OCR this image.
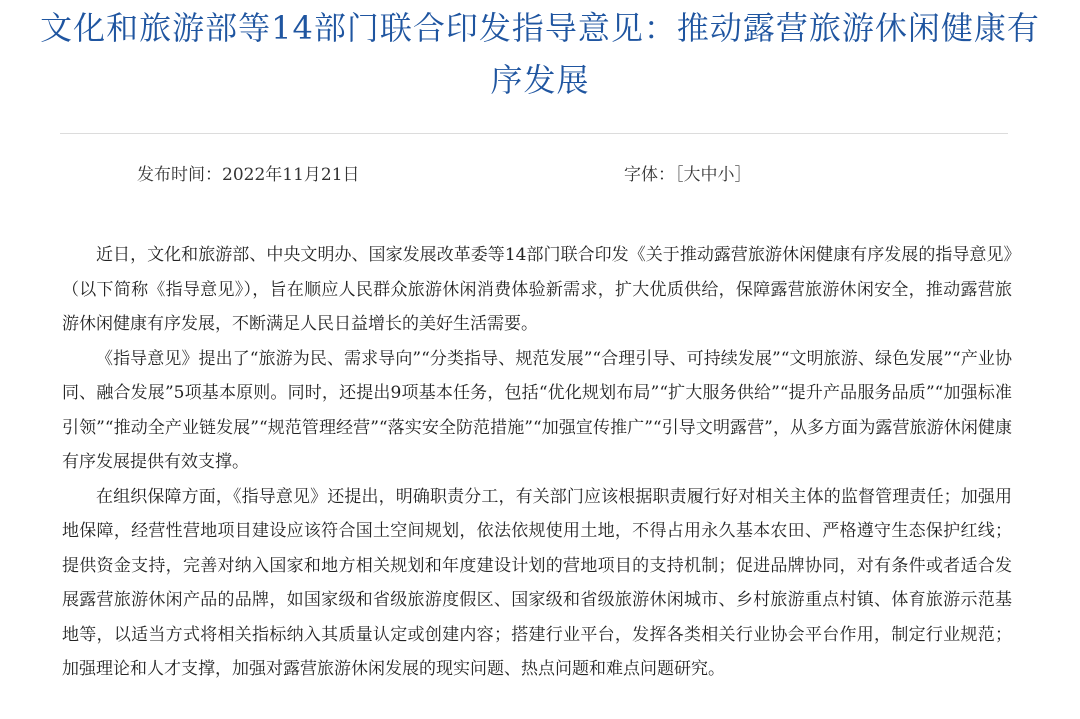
文化和旅游部等14部门联合印发指导意见：推动露营旅游休闲健康有序发展
发布时间：2022年11月21日	字体：［大中小］

近日，文化和旅游部、中央文明办、国家发展改革委等14部门联合印发《关于推动露营旅游休闲健康有序发展的指导意见》（以下简称《指导意见》），旨在顺应人民群众旅游休闲消费体验新需求，扩大优质供给，保障露营旅游休闲安全，推动露营旅游休闲健康有序发展，不断满足人民日益增长的美好生活需要。

《指导意见》提出了“旅游为民、需求导向”“分类指导、规范发展”“合理引导、可持续发展”“文明旅游、绿色发展”“产业协同、融合发展”5项基本原则。同时，还提出9项基本任务，包括“优化规划布局”“扩大服务供给”“提升产品服务品质”“加强标准引领”“推动全产业链发展”“规范管理经营”“落实安全防范措施”“加强宣传推广”“引导文明露营”，从多方面为露营旅游休闲健康有序发展提供有效支撑。

在组织保障方面，《指导意见》还提出，明确职责分工，有关部门应该根据职责履行好对相关主体的监督管理责任；加强用地保障，经营性营地项目建设应该符合国土空间规划，依法依规使用土地，不得占用永久基本农田、严格遵守生态保护红线；提供资金支持，完善对纳入国家和地方相关规划和年度建设计划的营地项目的支持机制；促进品牌协同，对有条件或者适合发展露营旅游休闲产品的品牌，如国家级和省级旅游度假区、国家级和省级旅游休闲城市、乡村旅游重点村镇、体育旅游示范基地等，以适当方式将相关指标纳入其质量认定或创建内容；搭建行业平台，发挥各类相关行业协会平台作用，制定行业规范；加强理论和人才支撑，加强对露营旅游休闲发展的现实问题、热点问题和难点问题研究。
